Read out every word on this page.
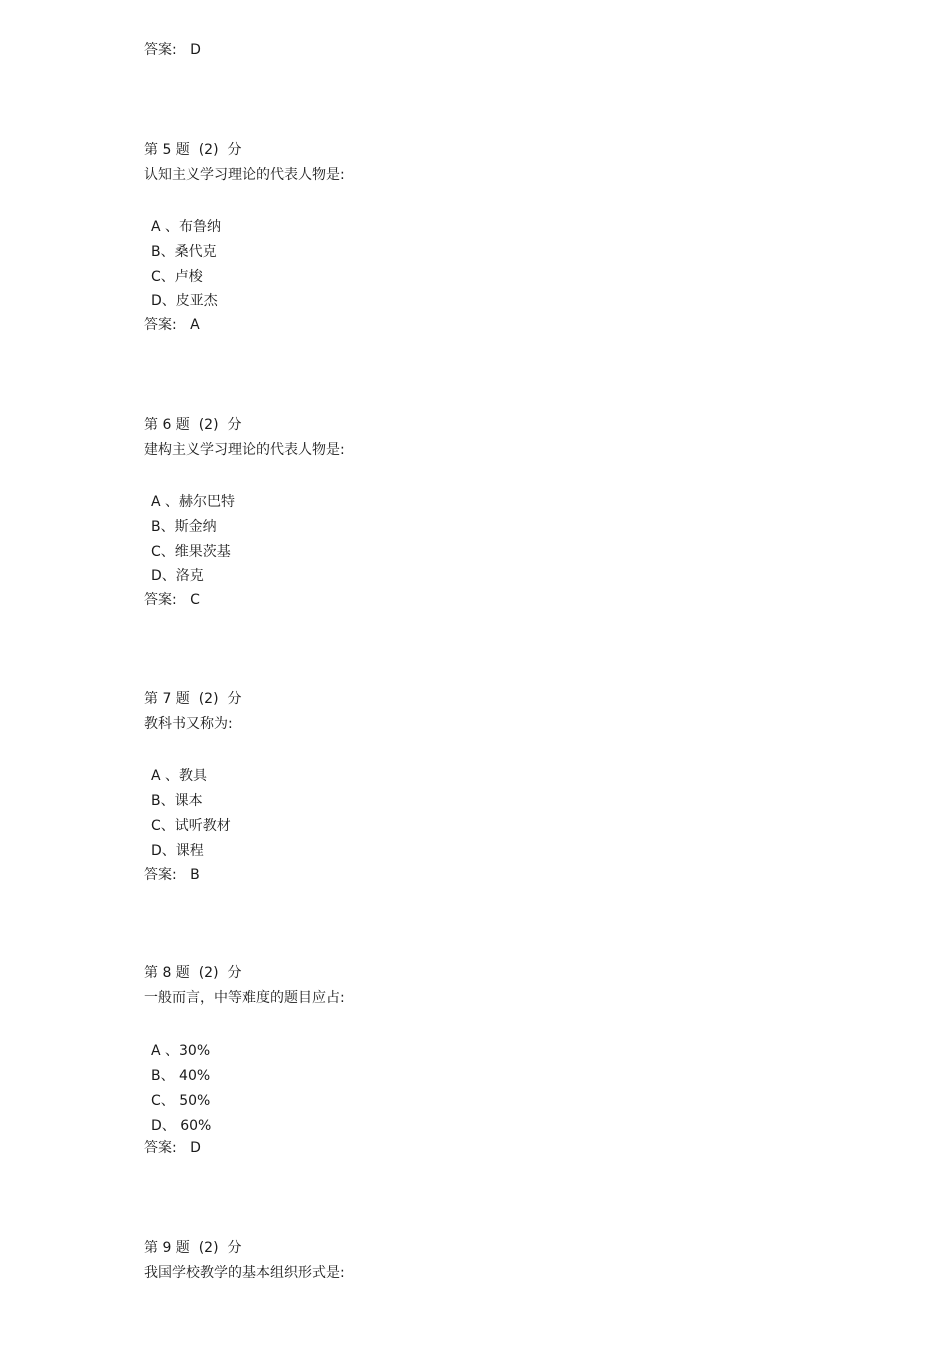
答案: D
第 5 题 (2) 分
认知主义学习理论的代表人物是:
A 、布鲁纳
B、桑代克
C、卢梭
D、皮亚杰
答案: A
第 6 题 (2) 分
建构主义学习理论的代表人物是:
A 、赫尔巴特
B、斯金纳
C、维果茨基
D、洛克
答案: C
第 7 题 (2) 分
教科书又称为:
A 、教具
B、课本
C、试听教材
D、课程
答案: B
第 8 题 (2) 分
一般而言，中等难度的题目应占:
A 、30%
B、 40%
C、 50%
D、 60%
答案: D
第 9 题 (2) 分
我国学校教学的基本组织形式是:
